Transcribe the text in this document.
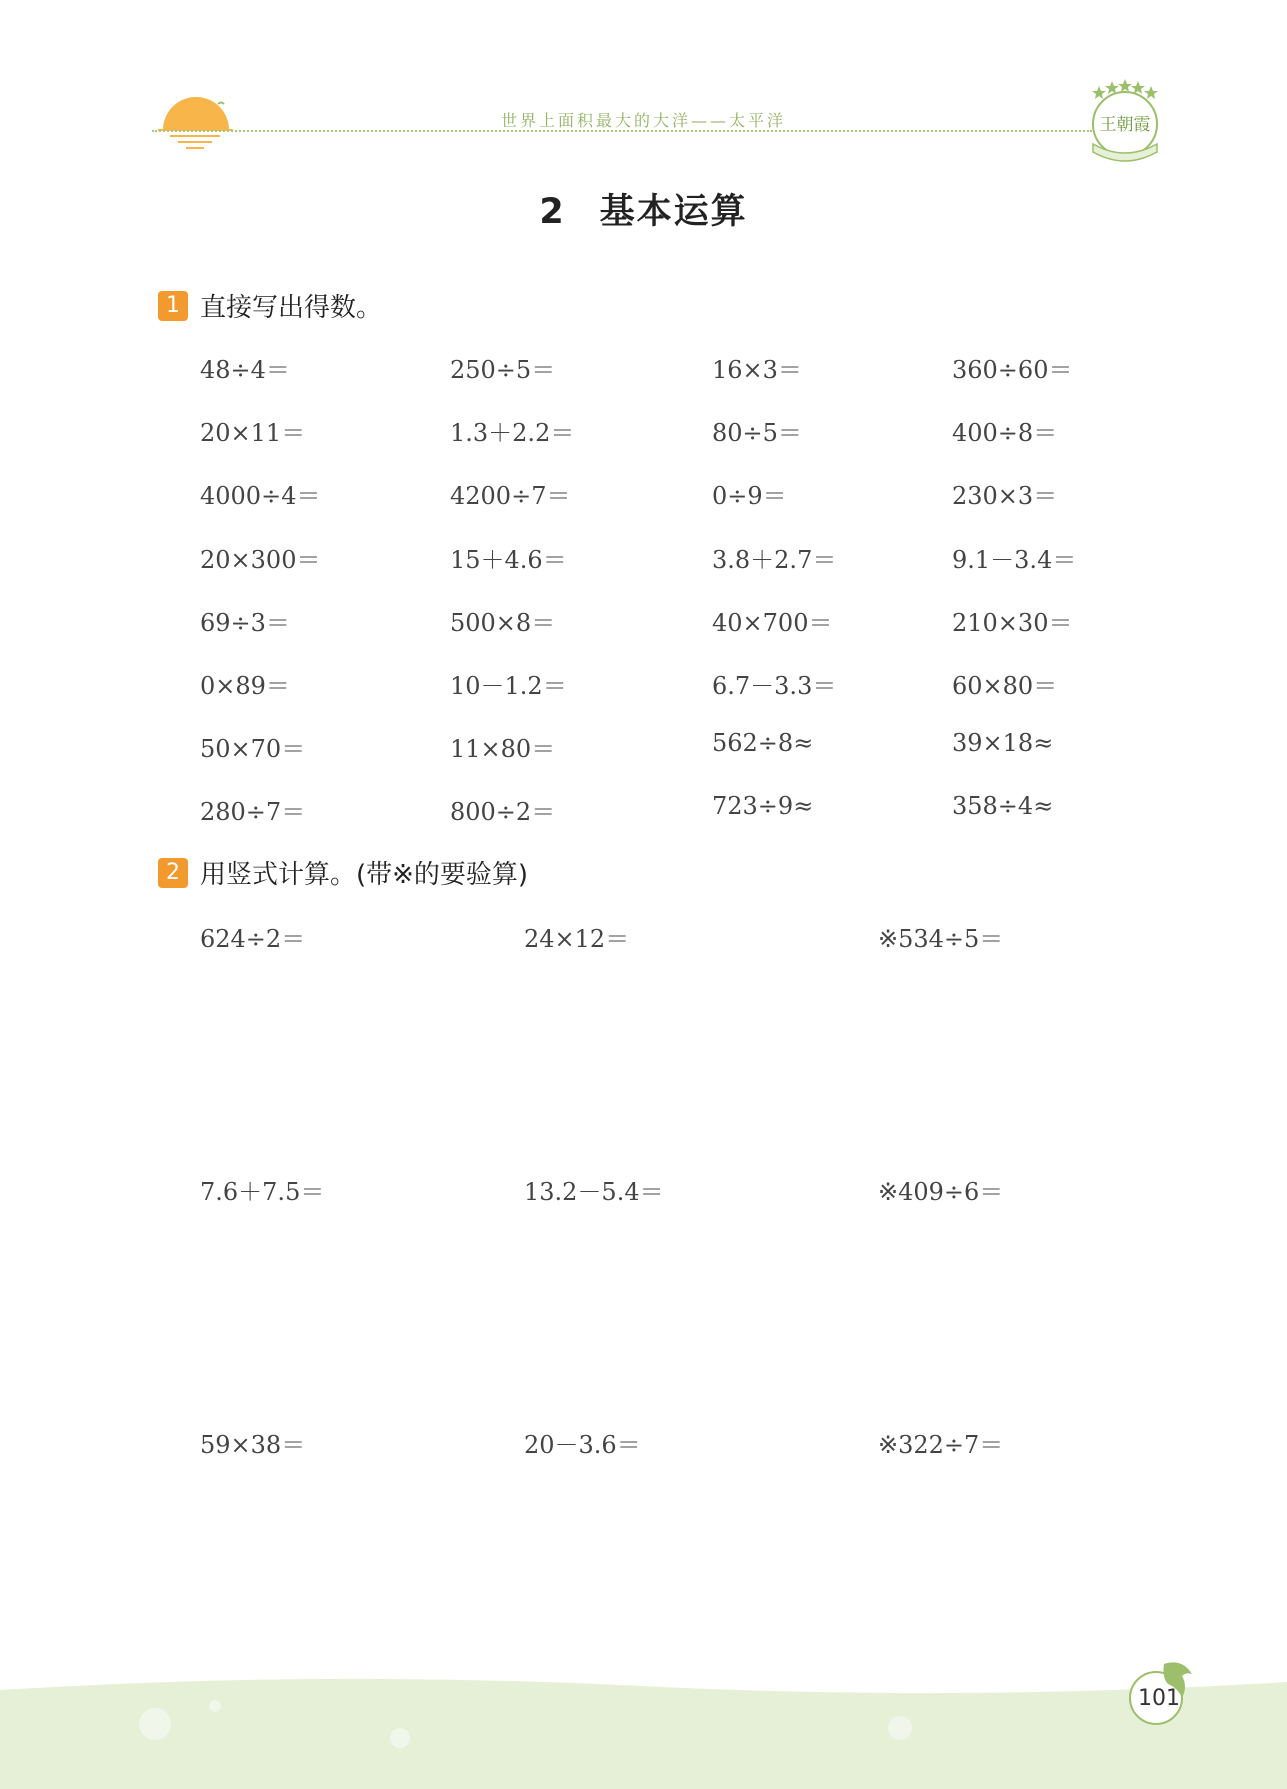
世界上面积最大的大洋——太平洋	王朝霞
2 基本运算
1 直接写出得数。
48÷4＝	250÷5＝	16×3＝	360÷60＝
20×11＝	1.3＋2.2＝	80÷5＝	400÷8＝
4000÷4＝	4200÷7＝	0÷9＝	230×3＝
20×300＝	15＋4.6＝	3.8＋2.7＝	9.1－3.4＝
69÷3＝	500×8＝	40×700＝	210×30＝
0×89＝	10－1.2＝	6.7－3.3＝	60×80＝
50×70＝	11×80＝	562÷8≈	39×18≈
280÷7＝	800÷2＝	723÷9≈	358÷4≈
2 用竖式计算。(带※的要验算)
624÷2＝	24×12＝	※534÷5＝
7.6＋7.5＝	13.2－5.4＝	※409÷6＝
59×38＝	20－3.6＝	※322÷7＝
101
